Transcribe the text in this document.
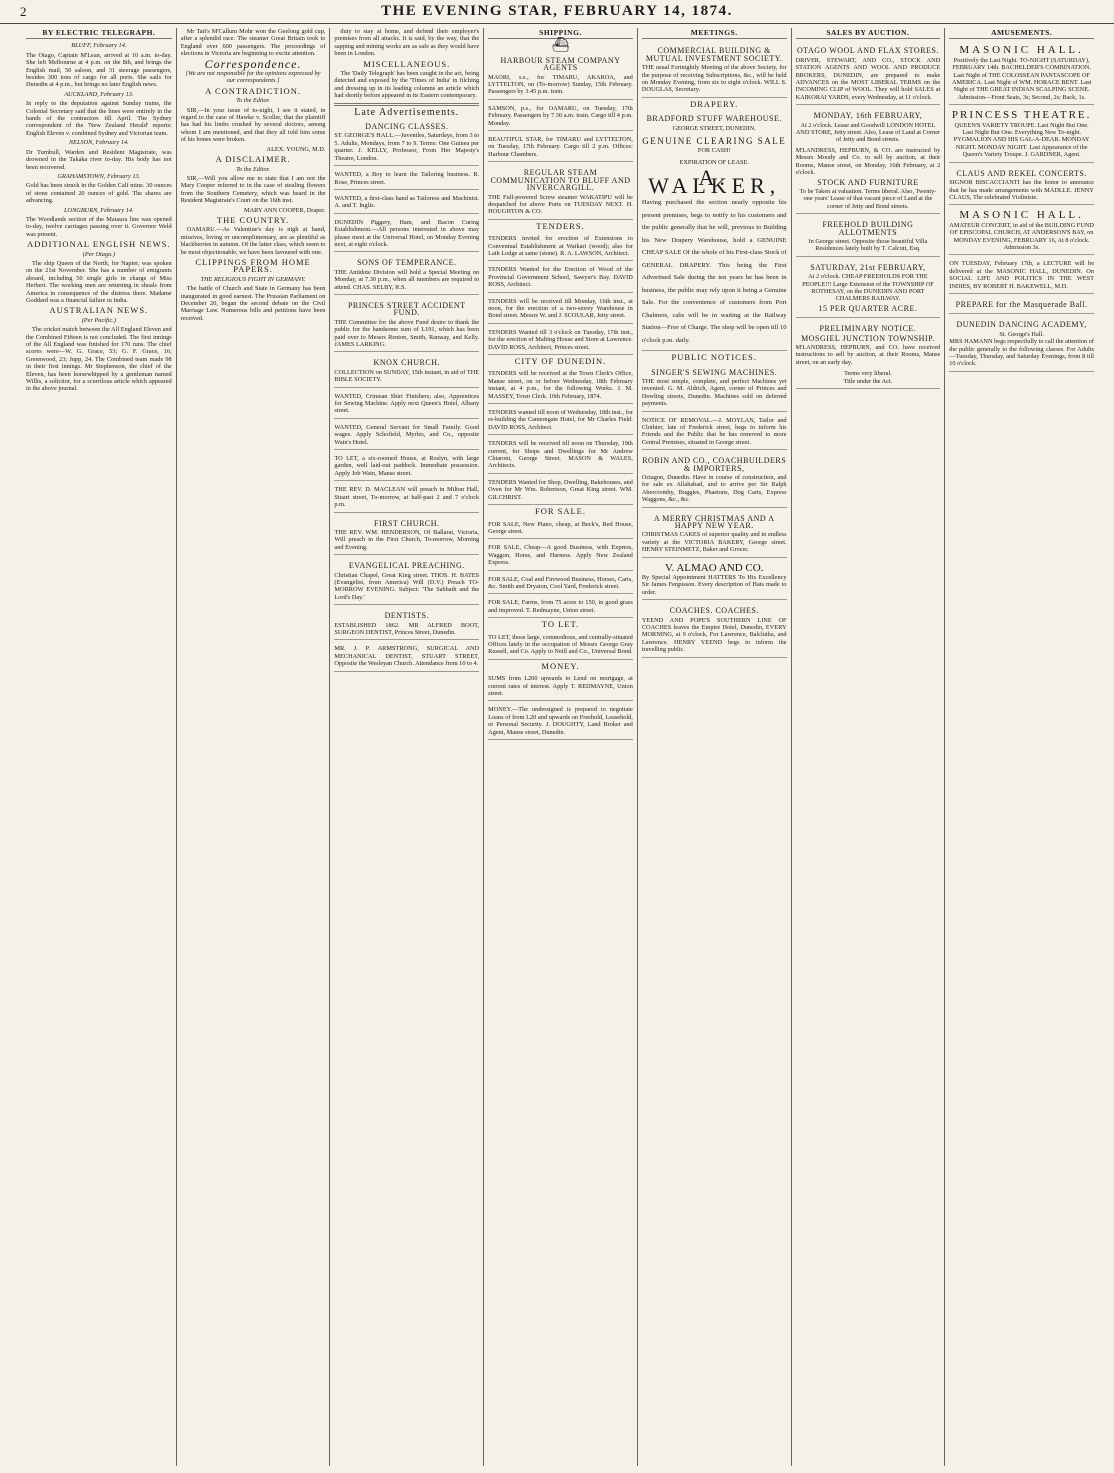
2	THE EVENING STAR, FEBRUARY 14, 1874.
BY ELECTRIC TELEGRAPH.
BLUFF, February 14.
The Otago, Captain M'Lean, arrived at 10 a.m. to-day. She left Melbourne at 4 p.m. on the 8th, and brings the English mail, 50 saloon, and 31 steerage passengers, besides 300 tons of cargo for all ports. She sails for Dunedin at 4 p.m., but brings no later English news.
AUCKLAND, February 13.
In reply to the deputation against Sunday trains, the Colonial Secretary said that the lines were entirely in the hands of the contractors till April. The Sydney correspondent of the 'New Zealand Herald' reports: English Eleven v. combined Sydney and Victorian team.
NELSON, February 14.
Dr Turnbull, Warden and Resident Magistrate, was drowned in the Takaka river to-day. His body has not been recovered.
GRAHAMSTOWN, February 13.
Gold has been struck in the Golden Calf mine. 30 ounces of stone contained 20 ounces of gold. The shares are advancing.
LONGBURN, February 14.
The Woodlands section of the Mataura line was opened to-day, twelve carriages passing over it. Governor Weld was present.
ADDITIONAL ENGLISH NEWS.
(Per Otago.)

The ship Queen of the North, for Napier, was spoken on the 21st November. She has a number of emigrants aboard, including 50 single girls in charge of Miss Herbert. The working men are returning in shoals from America in consequence of the distress there. Madame Goddard was a financial failure in India.

AUSTRALIAN NEWS.
(Per Pacific.)

The cricket match between the All England Eleven and the Combined Fifteen is not concluded. The first innings of the All England was finished for 170 runs. The chief scores were—W. G. Grace, 53; G. F. Grace, 16; Greenwood, 23; Jupp, 24. The Combined team made 98 in their first innings. Mr Stephenson, the chief of the Eleven, has been horsewhipped by a gentleman named Willis, a solicitor, for a scurrilous article which appeared in the above journal.

Mr Tait's M'Callum Mohr won the Geelong gold cup, after a splendid race. The steamer Great Britain took to England over 600 passengers. The proceedings of elections in Victoria are beginning to excite attention.

Correspondence.
[We are not responsible for the opinions expressed by our correspondents.]
A CONTRADICTION.
To the Editor.

SIR,—In your issue of to-night, I see it stated, in regard to the case of Hawke v. Scoller, that the plaintiff has had his limbs crushed by several doctors, among whom I am mentioned, and that they all told him some of his bones were broken.

ALEX. YOUNG, M.D.
A DISCLAIMER.
To the Editor.

SIR,—Will you allow me to state that I am not the Mary Cooper referred to in the case of stealing flowers from the Southern Cemetery, which was heard in the Resident Magistrate's Court on the 16th inst.

MARY ANN COOPER, Draper.
THE COUNTRY.

OAMARU.—As Valentine's day is nigh at hand, missives, loving or uncomplimentary, are as plentiful as blackberries in autumn. Of the latter class, which seem to be most objectionable, we have been favoured with one.

CLIPPINGS FROM HOME PAPERS.
THE RELIGIOUS FIGHT IN GERMANY.

The battle of Church and State in Germany has been inaugurated in good earnest. The Prussian Parliament on December 20, began the second debate on the Civil Marriage Law. Numerous bills and petitions have been received.

duty to stay at home, and defend their employer's premises from all attacks. It is said, by the way, that the sapping and mining works are as safe as they would have been in London.

MISCELLANEOUS.

The 'Daily Telegraph' has been caught in the act, being detected and exposed by the 'Times of India' in filching and dressing up in its leading columns an article which had shortly before appeared in its Eastern contemporary.

Late Advertisements.
DANCING CLASSES.
ST. GEORGE'S HALL.—Juveniles, Saturdays, from 3 to 5. Adults, Mondays, from 7 to 9. Terms: One Guinea per quarter. J. KELLY, Professor, From Her Majesty's Theatre, London.
WANTED, a Boy to learn the Tailoring business. R. Rose, Princes street.
WANTED, a first-class hand as Tailoress and Machinist. A. and T. Inglis.
DUNEDIN Piggery, Ham, and Bacon Curing Establishment.—All persons interested in above may please meet at the Universal Hotel, on Monday Evening next, at eight o'clock.
SONS OF TEMPERANCE.
THE Antidote Division will hold a Special Meeting on Monday, at 7.30 p.m., when all members are required to attend. CHAS. SELBY, R.S.
PRINCES STREET ACCIDENT FUND.
THE Committee for the above Fund desire to thank the public for the handsome sum of L191, which has been paid over to Messrs Renton, Smith, Ramsay, and Kelly. JAMES LARKING.
KNOX CHURCH.
COLLECTION on SUNDAY, 15th instant, in aid of THE BIBLE SOCIETY.
WANTED, Crimean Shirt Finishers; also, Apprentices for Sewing Machine. Apply next Queen's Hotel, Albany street.
WANTED, General Servant for Small Family. Good wages. Apply Schofield, Myrles, and Co., opposite Wain's Hotel.
TO LET, a six-roomed House, at Roslyn, with large garden, well laid-out paddock. Immediate possession. Apply Job Wain, Manse street.
THE REV. D. MACLEAN will preach in Milton Hall, Stuart street, To-morrow, at half-past 2 and 7 o'clock p.m.
FIRST CHURCH.
THE REV. WM. HENDERSON, Of Ballarat, Victoria, Will preach in the First Church, To-morrow, Morning and Evening.
EVANGELICAL PREACHING.
Christian Chapel, Great King street. THOS. H. BATES (Evangelist, from America) Will (D.V.) Preach TO-MORROW EVENING. Subject: 'The Sabbath and the Lord's Day.'
DENTISTS.
ESTABLISHED 1862. MR ALFRED BOOT, SURGEON DENTIST, Princes Street, Dunedin.
MR. J. P. ARMSTRONG, SURGICAL AND MECHANICAL DENTIST, STUART STREET, Opposite the Wesleyan Church. Attendance from 10 to 4.
SHIPPING.
⛴
HARBOUR STEAM COMPANY AGENTS
MAORI, s.s., for TIMARU, AKAROA, and LYTTELTON, on (To-morrow) Sunday, 15th February. Passengers by 3.45 p.m. train.
SAMSON, p.s., for OAMARU, on Tuesday, 17th February. Passengers by 7.30 a.m. train. Cargo till 4 p.m. Monday.
BEAUTIFUL STAR, for TIMARU and LYTTELTON, on Tuesday, 17th February. Cargo till 2 p.m. Offices: Harbour Chambers.
REGULAR STEAM COMMUNICATION TO BLUFF AND INVERCARGILL.
THE Full-powered Screw steamer WAKATIPU will be despatched for above Ports on TUESDAY NEXT. H. HOUGHTON & CO.
TENDERS.
TENDERS invited for erection of Extensions to Conventual Establishment at Waikari (wood); also for Lath Lodge at same (stone). R. A. LAWSON, Architect.
TENDERS Wanted for the Erection of Wood of the Provincial Government School, Sawyer's Bay. DAVID ROSS, Architect.
TENDERS will be received till Monday, 16th inst., at noon, for the erection of a two-storey Warehouse in Bond street. Messrs W. and J. SCOULAR, Jetty street.
TENDERS Wanted till 3 o'clock on Tuesday, 17th inst., for the erection of Malting House and Store at Lawrence. DAVID ROSS, Architect, Princes street.
CITY OF DUNEDIN.
TENDERS will be received at the Town Clerk's Office, Manse street, on or before Wednesday, 18th February instant, at 4 p.m., for the following Works. J. M. MASSEY, Town Clerk. 10th February, 1874.
TENDERS wanted till noon of Wednesday, 18th inst., for re-building the Cannongate Hotel, for Mr Charles Field. DAVID ROSS, Architect.
TENDERS will be received till noon on Thursday, 19th current, for Shops and Dwellings for Mr Andrew Chiaroni, George Street. MASON & WALES, Architects.
TENDERS Wanted for Shop, Dwelling, Bakehouses, and Oven for Mr Wm. Robertson, Great King street. WM. GILCHRIST.
FOR SALE.
FOR SALE, New Piano, cheap, at Beck's, Red House, George street.
FOR SALE, Cheap—A good Business, with Express, Waggon, Horse, and Harness. Apply New Zealand Express.
FOR SALE, Coal and Firewood Business, Horses, Carts, &c. Smith and Dryaton, Cool Yard, Frederick street.
FOR SALE, Farms, from 75 acres to 150, in good grass and improved. T. Redmayne, Union street.
TO LET.
TO LET, those large, commodious, and centrally-situated Offices lately in the occupation of Messrs George Gray Russell, and Co. Apply to Neill and Co., Universal Bond.
MONEY.
SUMS from L200 upwards to Lend on mortgage, at current rates of interest. Apply T. REDMAYNE, Union street.
MONEY.—The undersigned is prepared to negotiate Loans of from L20 and upwards on Freehold, Leasehold, or Personal Security. J. DOUGHTY, Land Broker and Agent, Manse street, Dunedin.
MEETINGS.
COMMERCIAL BUILDING & MUTUAL INVESTMENT SOCIETY.
THE usual Fortnightly Meeting of the above Society, for the purpose of receiving Subscriptions, &c., will be held on Monday Evening, from six to eight o'clock. WILL S. DOUGLAS, Secretary.
DRAPERY.
BRADFORD STUFF WAREHOUSE.
GEORGE STREET, DUNEDIN.
GENUINE CLEARING SALE
FOR CASH!
EXPIRATION OF LEASE.
A. WALKER,
Having purchased the section nearly opposite his present premises, begs to notify to his customers and the public generally that he will, previous to Building his New Drapery Warehouse, hold a GENUINE CHEAP SALE Of the whole of his First-class Stock of GENERAL DRAPERY. This being the First Advertised Sale during the ten years he has been in business, the public may rely upon it being a Genuine Sale. For the convenience of customers from Port Chalmers, cabs will be in waiting at the Railway Station—Free of Charge. The shop will be open till 10 o'clock p.m. daily.
PUBLIC NOTICES.
SINGER'S SEWING MACHINES.
THE most simple, complete, and perfect Machines yet invented. G. M. Aldrich, Agent, corner of Princes and Dowling streets, Dunedin. Machines sold on deferred payments.
NOTICE OF REMOVAL.—J. MOYLAN, Tailor and Clothier, late of Frederick street, begs to inform his Friends and the Public that he has removed to more Central Premises, situated in George street.
ROBIN AND CO., COACHBUILDERS & IMPORTERS,
Octagon, Dunedin. Have in course of construction, and for sale ex Allahabad, and to arrive per Sir Ralph Abercromby, Buggies, Phaetons, Dog Carts, Express Waggons, &c., &c.
A MERRY CHRISTMAS AND A HAPPY NEW YEAR.
CHRISTMAS CAKES of superior quality and in endless variety at the VICTORIA BAKERY, George street. HENRY STEINMETZ, Baker and Grocer.
V. ALMAO AND CO.
By Special Appointment HATTERS To His Excellency Sir James Fergusson. Every description of Hats made to order.
COACHES. COACHES.
YEEND AND POPE'S SOUTHERN LINE OF COACHES leaves the Empire Hotel, Dunedin, EVERY MORNING, at 9 o'clock, For Lawrence, Balclutha, and Lawrence. HENRY YEEND begs to inform the travelling public.
SALES BY AUCTION.
OTAGO WOOL AND FLAX STORES.
DRIVER, STEWART, AND CO., STOCK AND STATION AGENTS AND WOOL AND PRODUCE BROKERS, DUNEDIN, are prepared to make ADVANCES on the MOST LIBERAL TERMS on the INCOMING CLIP of WOOL. They will hold SALES at KAIKORAI YARDS, every Wednesday, at 11 o'clock.
MONDAY, 16th FEBRUARY,
At 2 o'clock. Lease and Goodwill LONDON HOTEL AND STORE, Jetty street. Also, Lease of Land at Corner of Jetty and Bond streets.
M'LANDRESS, HEPBURN, & CO. are instructed by Messrs Moody and Co. to sell by auction, at their Rooms, Manse street, on Monday, 16th February, at 2 o'clock.
STOCK AND FURNITURE
To be Taken at valuation. Terms liberal. Also, Twenty-one years' Lease of that vacant piece of Land at the corner of Jetty and Bond streets.
FREEHOLD BUILDING ALLOTMENTS
In George street. Opposite those beautiful Villa Residences lately built by T. Calcutt, Esq.
SATURDAY, 21st FEBRUARY,
At 2 o'clock. CHEAP FREEHOLDS FOR THE PEOPLE!!! Large Extension of the TOWNSHIP OF ROTHESAY, on the DUNEDIN AND PORT CHALMERS RAILWAY.
15 PER QUARTER ACRE.
PRELIMINARY NOTICE.
MOSGIEL JUNCTION TOWNSHIP.
M'LANDRESS, HEPBURN, and CO. have received instructions to sell by auction, at their Rooms, Manse street, on an early day.
Terms very liberal.
Title under the Act.
AMUSEMENTS.
MASONIC HALL.
Positively the Last Night. TO-NIGHT (SATURDAY), FEBRUARY 14th. BACHELDER'S COMBINATION. Last Night of THE COLOSSEAN PANTASCOPE OF AMERICA. Last Night of WM. HORACE BENT. Last Night of THE GREAT INDIAN SCALPING SCENE. Admission—Front Seats, 3s; Second, 2s; Back, 1s.
PRINCESS THEATRE.
QUEEN'S VARIETY TROUPE. Last Night But One. Last Night But One. Everything New To-night. PYGMALION AND HIS GAL-A-DEAR. MONDAY NIGHT. MONDAY NIGHT. Last Appearance of the Queen's Variety Troupe. J. GARDNER, Agent.
CLAUS AND REKEL CONCERTS.
SIGNOR BISCACCIANTI has the honor to announce that he has made arrangements with MADLLE. JENNY CLAUS, The celebrated Violiniste.
MASONIC HALL.
AMATEUR CONCERT, in aid of the BUILDING FUND OF EPISCOPAL CHURCH, AT ANDERSON'S BAY, on MONDAY EVENING, FEBRUARY 16, At 8 o'clock. Admission 3s.
ON TUESDAY, February 17th, a LECTURE will be delivered at the MASONIC HALL, DUNEDIN. On SOCIAL LIFE AND POLITICS IN THE WEST INDIES, BY ROBERT H. BAKEWELL, M.D.
PREPARE for the Masquerade Ball.
DUNEDIN DANCING ACADEMY,
St. George's Hall.
MRS HAMANN begs respectfully to call the attention of the public generally to the following classes. For Adults—Tuesday, Thursday, and Saturday Evenings, from 8 till 10 o'clock.
